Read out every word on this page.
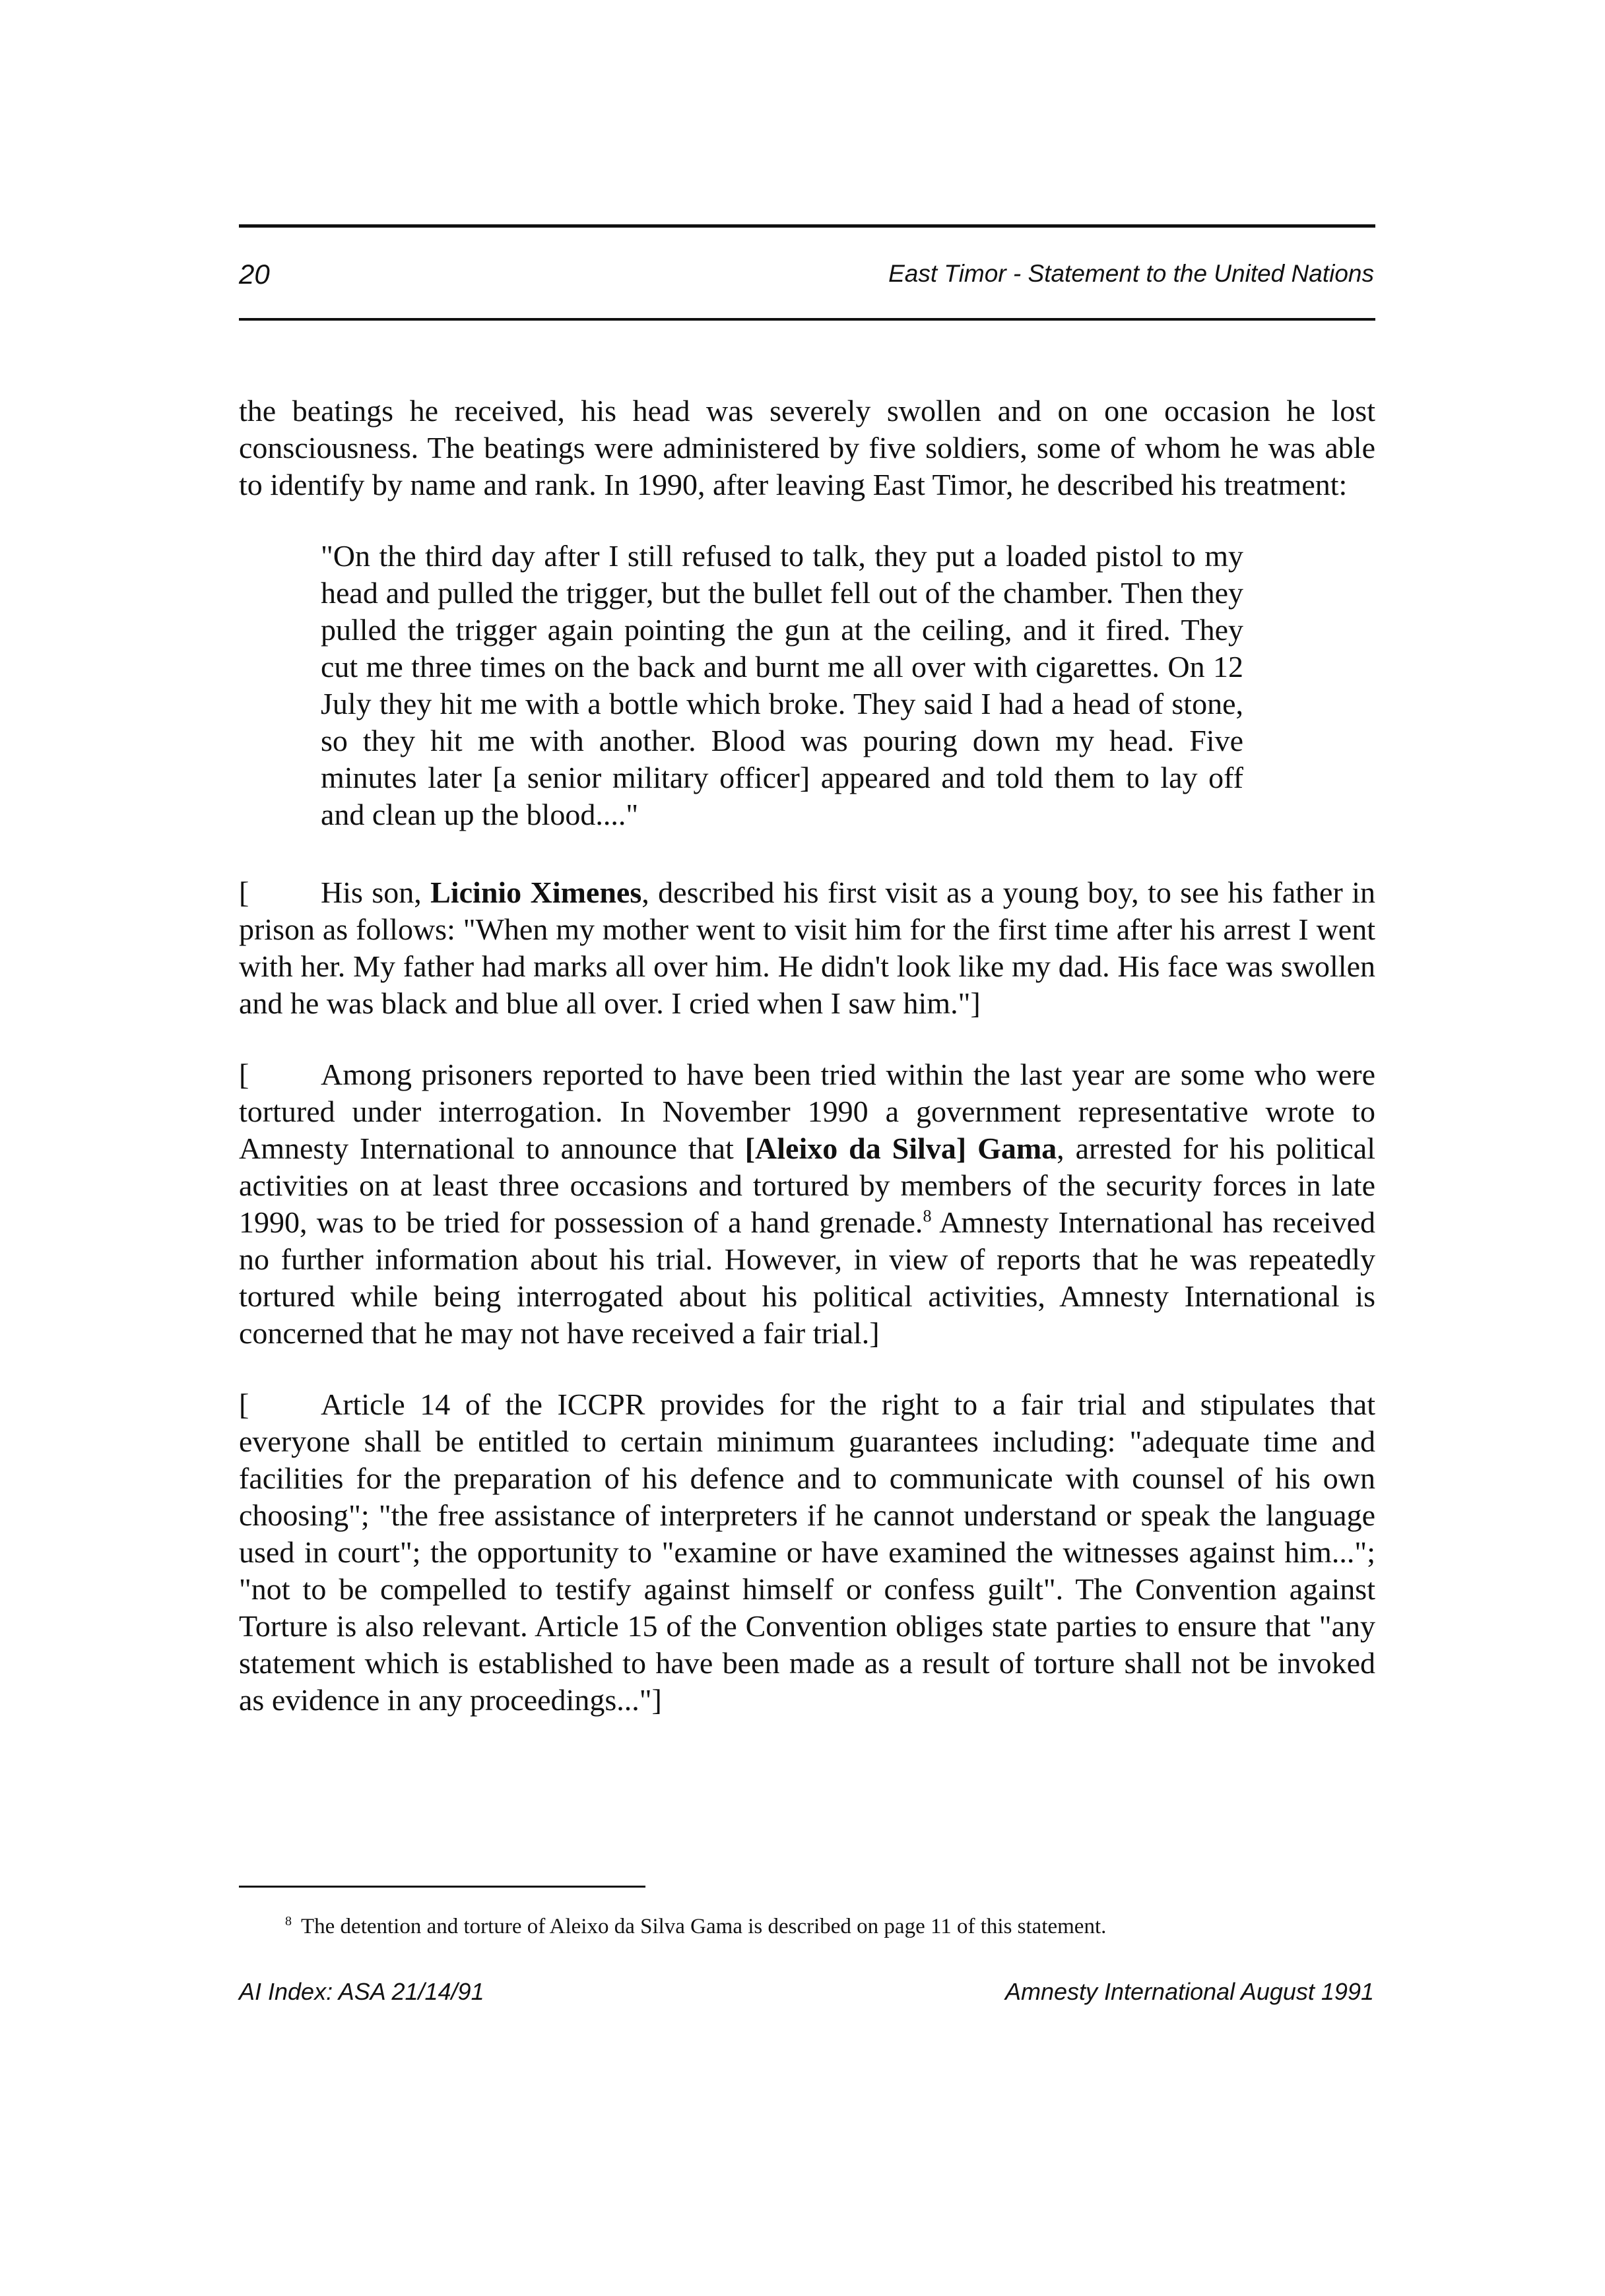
20	East Timor - Statement to the United Nations

the beatings he received, his head was severely swollen and on one occasion he lost consciousness. The beatings were administered by five soldiers, some of whom he was able to identify by name and rank. In 1990, after leaving East Timor, he described his treatment:

"On the third day after I still refused to talk, they put a loaded pistol to my head and pulled the trigger, but the bullet fell out of the chamber. Then they pulled the trigger again pointing the gun at the ceiling, and it fired. They cut me three times on the back and burnt me all over with cigarettes. On 12 July they hit me with a bottle which broke. They said I had a head of stone, so they hit me with another. Blood was pouring down my head. Five minutes later [a senior military officer] appeared and told them to lay off and clean up the blood...."

[ His son, Licinio Ximenes, described his first visit as a young boy, to see his father in prison as follows: "When my mother went to visit him for the first time after his arrest I went with her. My father had marks all over him. He didn't look like my dad. His face was swollen and he was black and blue all over. I cried when I saw him."]

[ Among prisoners reported to have been tried within the last year are some who were tortured under interrogation. In November 1990 a government representative wrote to Amnesty International to announce that [Aleixo da Silva] Gama, arrested for his political activities on at least three occasions and tortured by members of the security forces in late 1990, was to be tried for possession of a hand grenade.$^8$ Amnesty International has received no further information about his trial. However, in view of reports that he was repeatedly tortured while being interrogated about his political activities, Amnesty International is concerned that he may not have received a fair trial.]

[ Article 14 of the ICCPR provides for the right to a fair trial and stipulates that everyone shall be entitled to certain minimum guarantees including: "adequate time and facilities for the preparation of his defence and to communicate with counsel of his own choosing"; "the free assistance of interpreters if he cannot understand or speak the language used in court"; the opportunity to "examine or have examined the witnesses against him..."; "not to be compelled to testify against himself or confess guilt". The Convention against Torture is also relevant. Article 15 of the Convention obliges state parties to ensure that "any statement which is established to have been made as a result of torture shall not be invoked as evidence in any proceedings..."]

$^8$ The detention and torture of Aleixo da Silva Gama is described on page 11 of this statement.
AI Index: ASA 21/14/91	Amnesty International August 1991
